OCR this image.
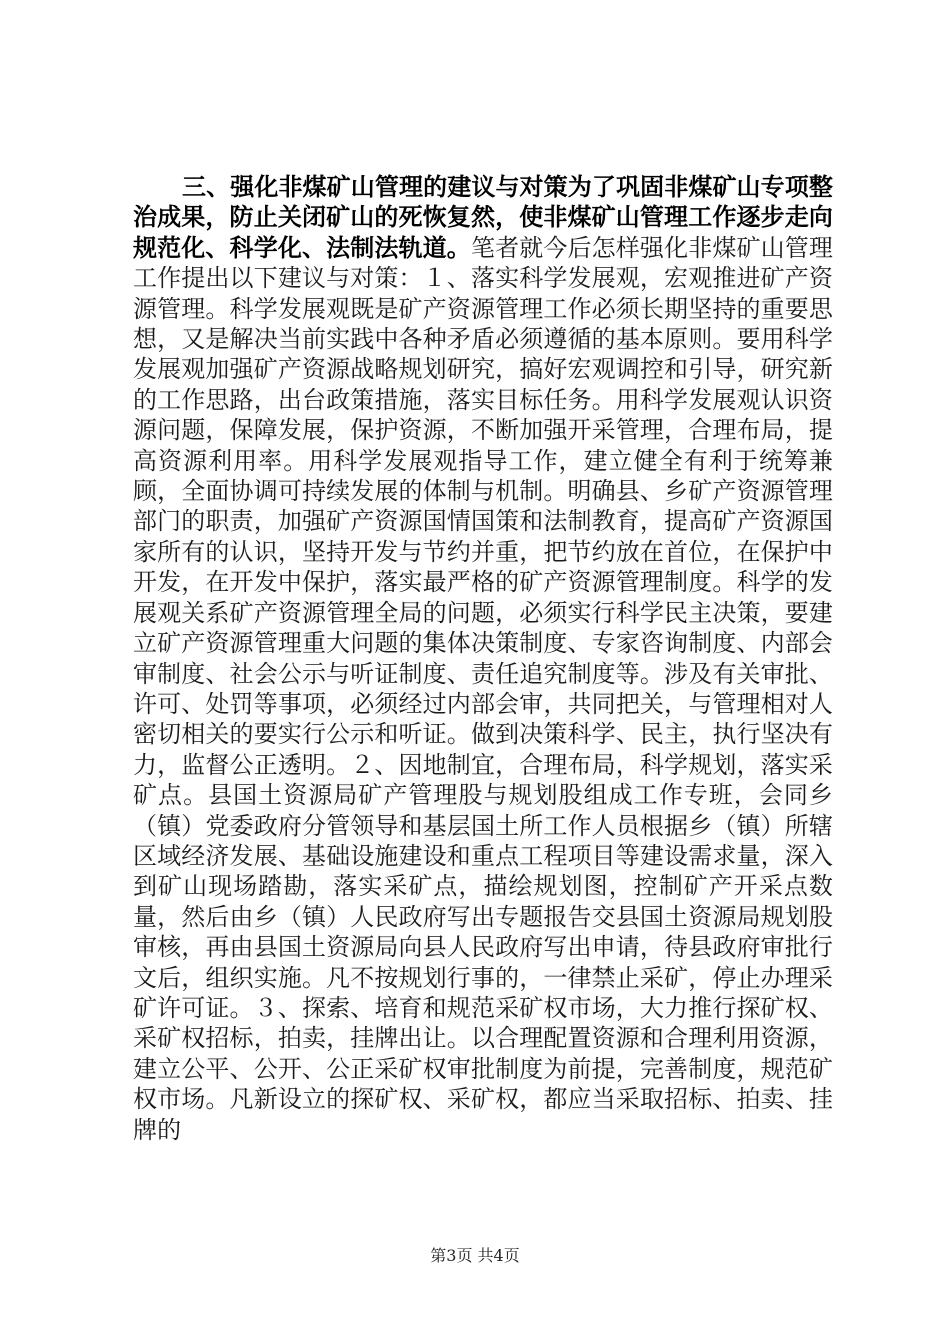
三、强化非煤矿山管理的建议与对策为了巩固非煤矿山专项整治成果，防止关闭矿山的死恢复然，使非煤矿山管理工作逐步走向规范化、科学化、法制法轨道。笔者就今后怎样强化非煤矿山管理工作提出以下建议与对策：１、落实科学发展观，宏观推进矿产资源管理。科学发展观既是矿产资源管理工作必须长期坚持的重要思想，又是解决当前实践中各种矛盾必须遵循的基本原则。要用科学发展观加强矿产资源战略规划研究，搞好宏观调控和引导，研究新的工作思路，出台政策措施，落实目标任务。用科学发展观认识资源问题，保障发展，保护资源，不断加强开采管理，合理布局，提高资源利用率。用科学发展观指导工作，建立健全有利于统筹兼顾，全面协调可持续发展的体制与机制。明确县、乡矿产资源管理部门的职责，加强矿产资源国情国策和法制教育，提高矿产资源国家所有的认识，坚持开发与节约并重，把节约放在首位，在保护中开发，在开发中保护，落实最严格的矿产资源管理制度。科学的发展观关系矿产资源管理全局的问题，必须实行科学民主决策，要建立矿产资源管理重大问题的集体决策制度、专家咨询制度、内部会审制度、社会公示与听证制度、责任追究制度等。涉及有关审批、许可、处罚等事项，必须经过内部会审，共同把关，与管理相对人密切相关的要实行公示和听证。做到决策科学、民主，执行坚决有力，监督公正透明。２、因地制宜，合理布局，科学规划，落实采矿点。县国土资源局矿产管理股与规划股组成工作专班，会同乡（镇）党委政府分管领导和基层国土所工作人员根据乡（镇）所辖区域经济发展、基础设施建设和重点工程项目等建设需求量，深入到矿山现场踏勘，落实采矿点，描绘规划图，控制矿产开采点数量，然后由乡（镇）人民政府写出专题报告交县国土资源局规划股审核，再由县国土资源局向县人民政府写出申请，待县政府审批行文后，组织实施。凡不按规划行事的，一律禁止采矿，停止办理采矿许可证。３、探索、培育和规范采矿权市场，大力推行探矿权、采矿权招标，拍卖，挂牌出让。以合理配置资源和合理利用资源，建立公平、公开、公正采矿权审批制度为前提，完善制度，规范矿权市场。凡新设立的探矿权、采矿权，都应当采取招标、拍卖、挂牌的

第3页 共4页
